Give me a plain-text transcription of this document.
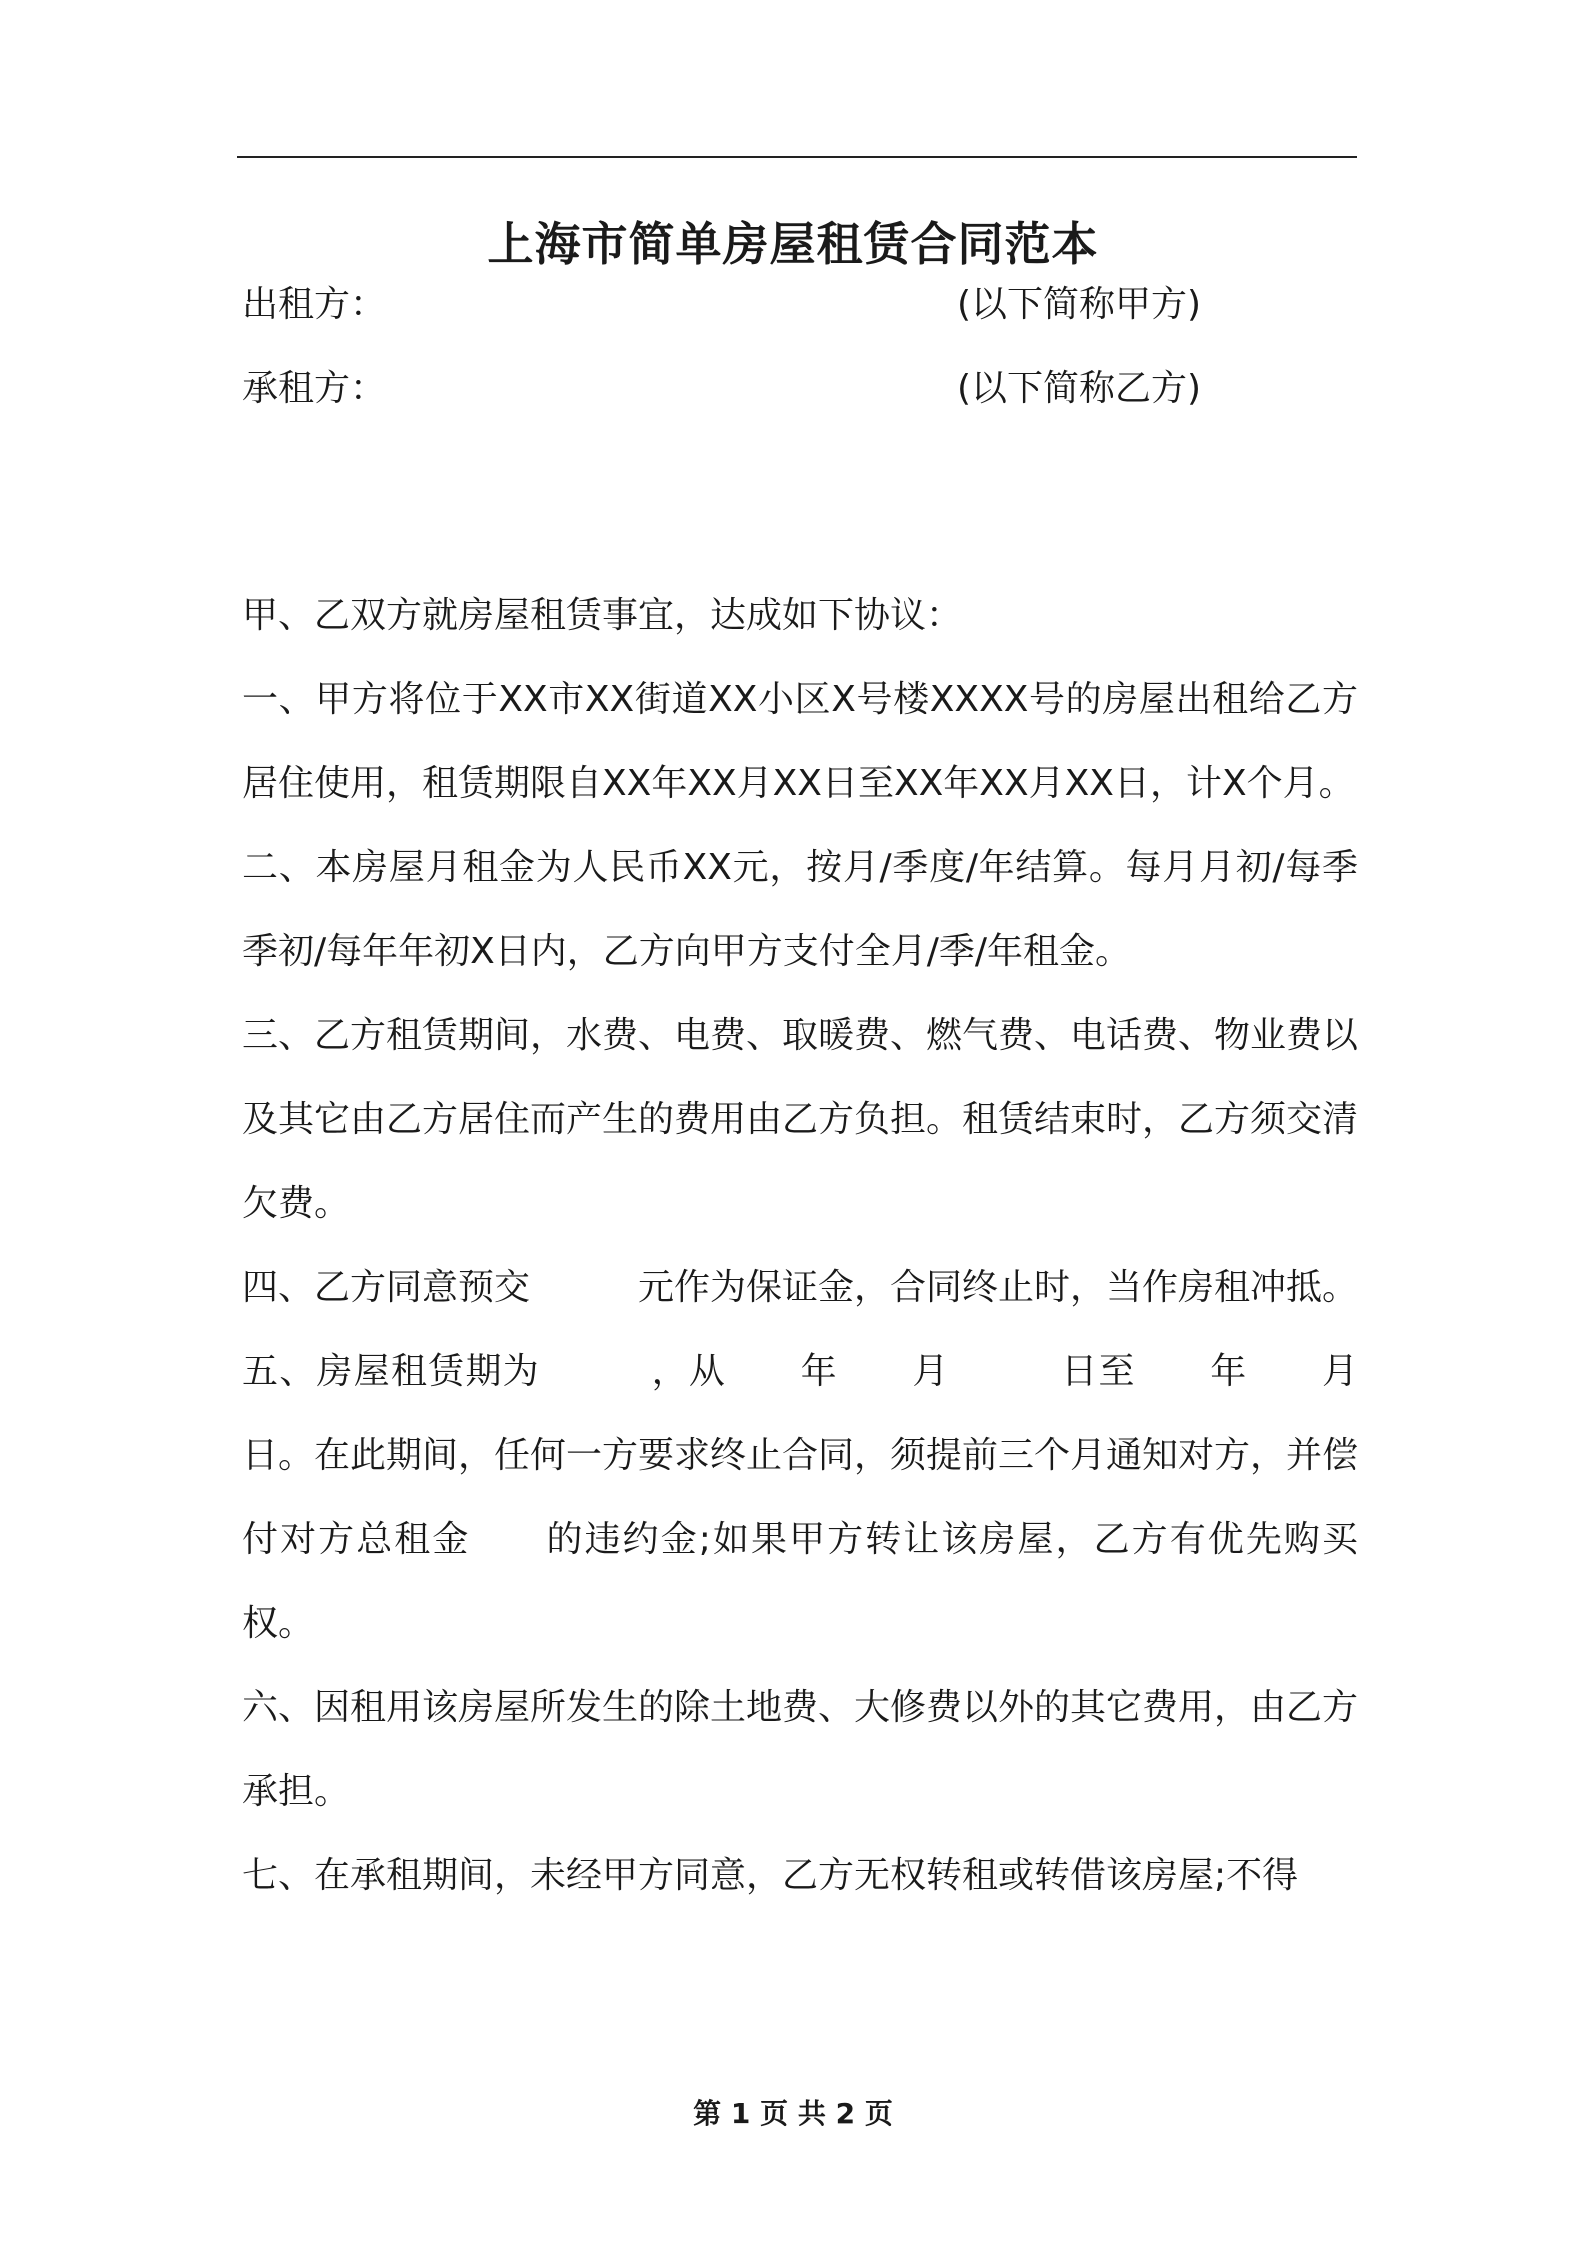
上海市简单房屋租赁合同范本
出租方：	(以下简称甲方)
承租方：	(以下简称乙方)

甲、乙双方就房屋租赁事宜，达成如下协议：

一、甲方将位于XX市XX街道XX小区X号楼XXXX号的房屋出租给乙方居住使用，租赁期限自XX年XX月XX日至XX年XX月XX日，计X个月。

二、本房屋月租金为人民币XX元，按月/季度/年结算。每月月初/每季季初/每年年初X日内，乙方向甲方支付全月/季/年租金。

三、乙方租赁期间，水费、电费、取暖费、燃气费、电话费、物业费以及其它由乙方居住而产生的费用由乙方负担。租赁结束时，乙方须交清欠费。

四、乙方同意预交　　　元作为保证金，合同终止时，当作房租冲抵。

五、房屋租赁期为　　　，从　　年　　月　　　日至　　年　　月日。在此期间，任何一方要求终止合同，须提前三个月通知对方，并偿付对方总租金　　的违约金;如果甲方转让该房屋，乙方有优先购买权。

六、因租用该房屋所发生的除土地费、大修费以外的其它费用，由乙方承担。

七、在承租期间，未经甲方同意，乙方无权转租或转借该房屋;不得

第 1 页 共 2 页
